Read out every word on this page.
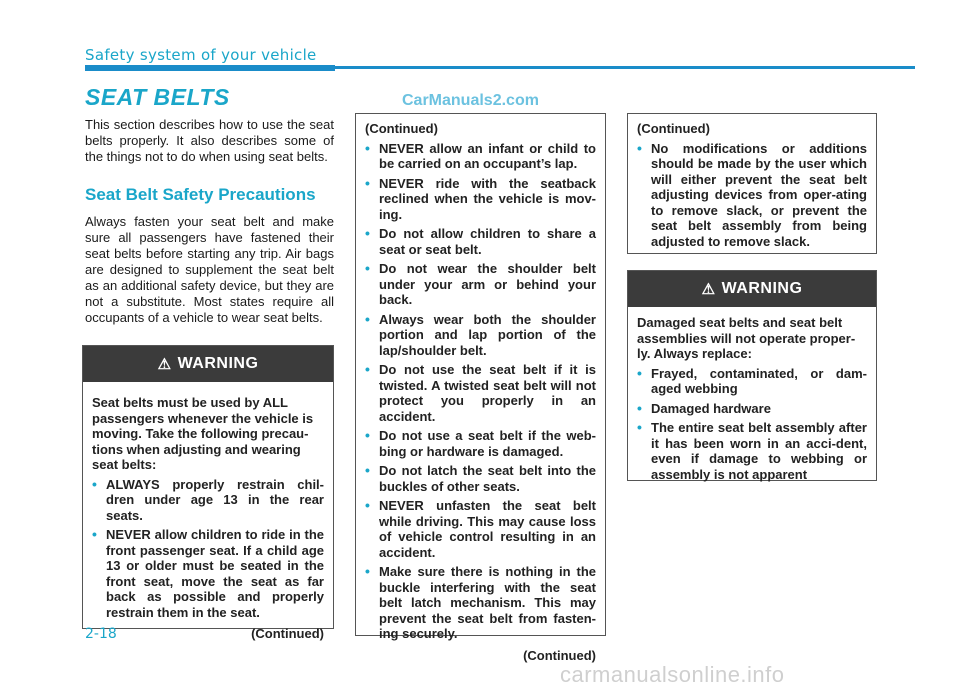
Safety system of your vehicle
CarManuals2.com
SEAT BELTS

This section describes how to use the seat belts properly. It also describes some of the things not to do when using seat belts.

Seat Belt Safety Precautions

Always fasten your seat belt and make sure all passengers have fastened their seat belts before starting any trip. Air bags are designed to supplement the seat belt as an additional safety device, but they are not a substitute. Most states require all occupants of a vehicle to wear seat belts.

⚠ WARNING
Seat belts must be used by ALL passengers whenever the vehicle is moving. Take the following precau-tions when adjusting and wearing seat belts:
• ALWAYS properly restrain chil-dren under age 13 in the rear seats.
• NEVER allow children to ride in the front passenger seat. If a child age 13 or older must be seated in the front seat, move the seat as far back as possible and properly restrain them in the seat.
(Continued)
(Continued)
• NEVER allow an infant or child to be carried on an occupant’s lap.
• NEVER ride with the seatback reclined when the vehicle is mov-ing.
• Do not allow children to share a seat or seat belt.
• Do not wear the shoulder belt under your arm or behind your back.
• Always wear both the shoulder portion and lap portion of the lap/shoulder belt.
• Do not use the seat belt if it is twisted. A twisted seat belt will not protect you properly in an accident.
• Do not use a seat belt if the web-bing or hardware is damaged.
• Do not latch the seat belt into the buckles of other seats.
• NEVER unfasten the seat belt while driving. This may cause loss of vehicle control resulting in an accident.
• Make sure there is nothing in the buckle interfering with the seat belt latch mechanism. This may prevent the seat belt from fasten-ing securely.
(Continued)
(Continued)
• No modifications or additions should be made by the user which will either prevent the seat belt adjusting devices from oper-ating to remove slack, or prevent the seat belt assembly from being adjusted to remove slack.
⚠ WARNING
Damaged seat belts and seat belt assemblies will not operate proper-ly. Always replace:
• Frayed, contaminated, or dam-aged webbing
• Damaged hardware
• The entire seat belt assembly after it has been worn in an acci-dent, even if damage to webbing or assembly is not apparent
2-18
carmanualsonline.info
